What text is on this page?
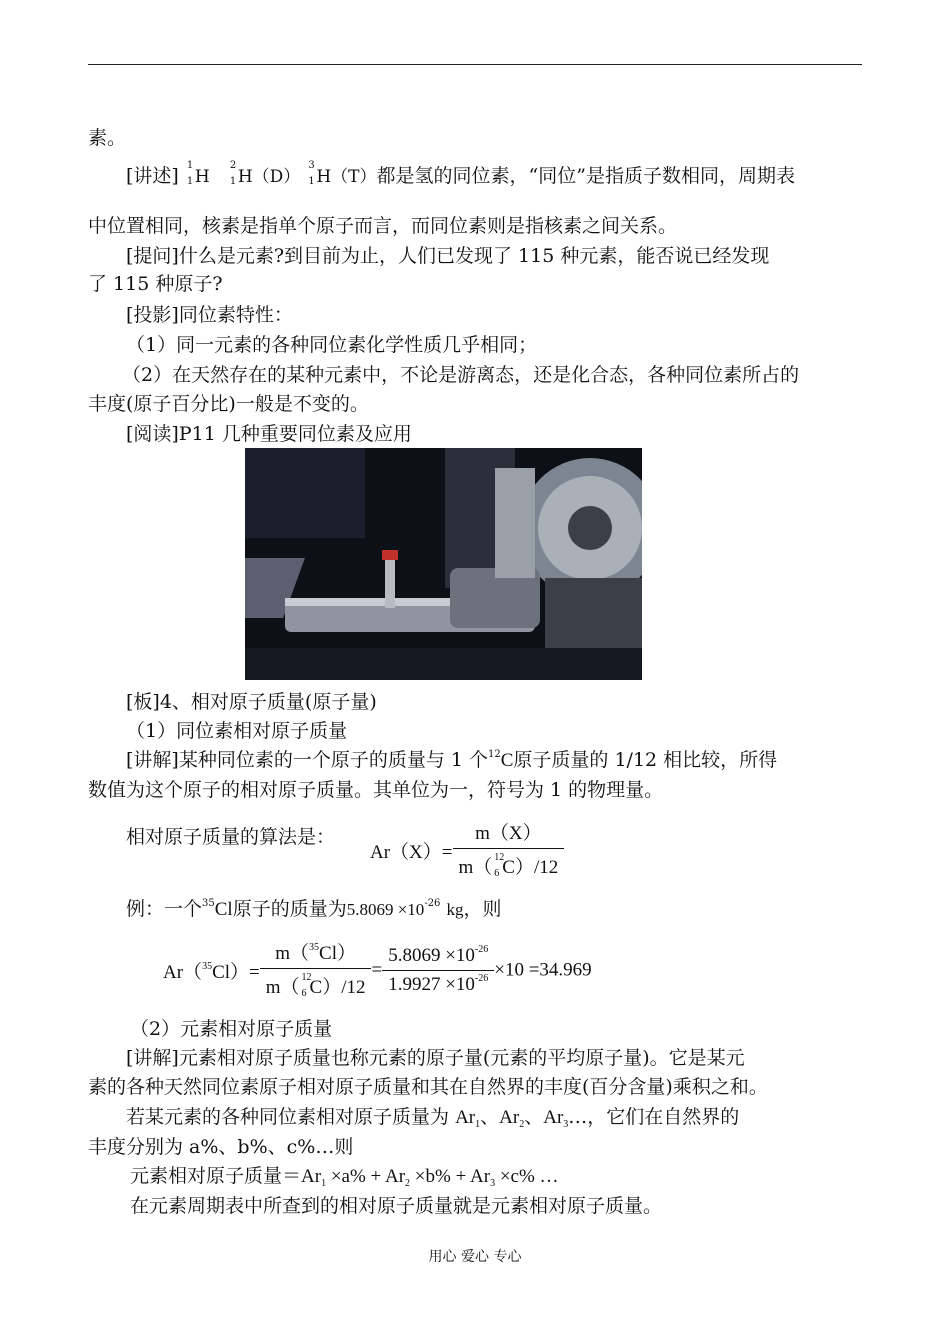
素。
[讲述] 1
1 H
2
1 H（D）
3
1 H（T）都是氢的同位素，“同位”是指质子数相同，周期表
中位置相同，核素是指单个原子而言，而同位素则是指核素之间关系。
[提问]什么是元素?到目前为止，人们已发现了 115 种元素，能否说已经发现
了 115 种原子?
[投影]同位素特性：
（1）同一元素的各种同位素化学性质几乎相同；
（2）在天然存在的某种元素中，不论是游离态，还是化合态，各种同位素所占的
丰度(原子百分比)一般是不变的。
[阅读]P11 几种重要同位素及应用
[板]4、相对原子质量(原子量)
（1）同位素相对原子质量
[讲解]某种同位素的一个原子的质量与 1 个$^{12}$C原子质量的 1/12 相比较，所得
数值为这个原子的相对原子质量。其单位为一，符号为 1 的物理量。
相对原子质量的算法是：
Ar（X）= m（X）
m（ 12
6 C）/12
例：一个$^{35}$Cl原子的质量为$5.8069 \times 10^{-26}$ kg，则
Ar（$^{35}$Cl）= m（$^{35}$Cl）
m（ 12
6 $C)/12 = \frac{5.8069 \times 10^{-26}}{1.9927 \times 10^{-26}} \times 10 =34.969$
（2）元素相对原子质量
[讲解]元素相对原子质量也称元素的原子量(元素的平均原子量)。它是某元
素的各种天然同位素原子相对原子质量和其在自然界的丰度(百分含量)乘积之和。
若某元素的各种同位素相对原子质量为 $Ar_1$、$Ar_2$、$Ar_3\dots$，它们在自然界的
丰度分别为 a%、b%、c%…则
元素相对原子质量$=Ar_1 \times a\% + Ar_2 \times b\% + Ar_3 \times c\%$ …
在元素周期表中所查到的相对原子质量就是元素相对原子质量。
用心 爱心 专心
